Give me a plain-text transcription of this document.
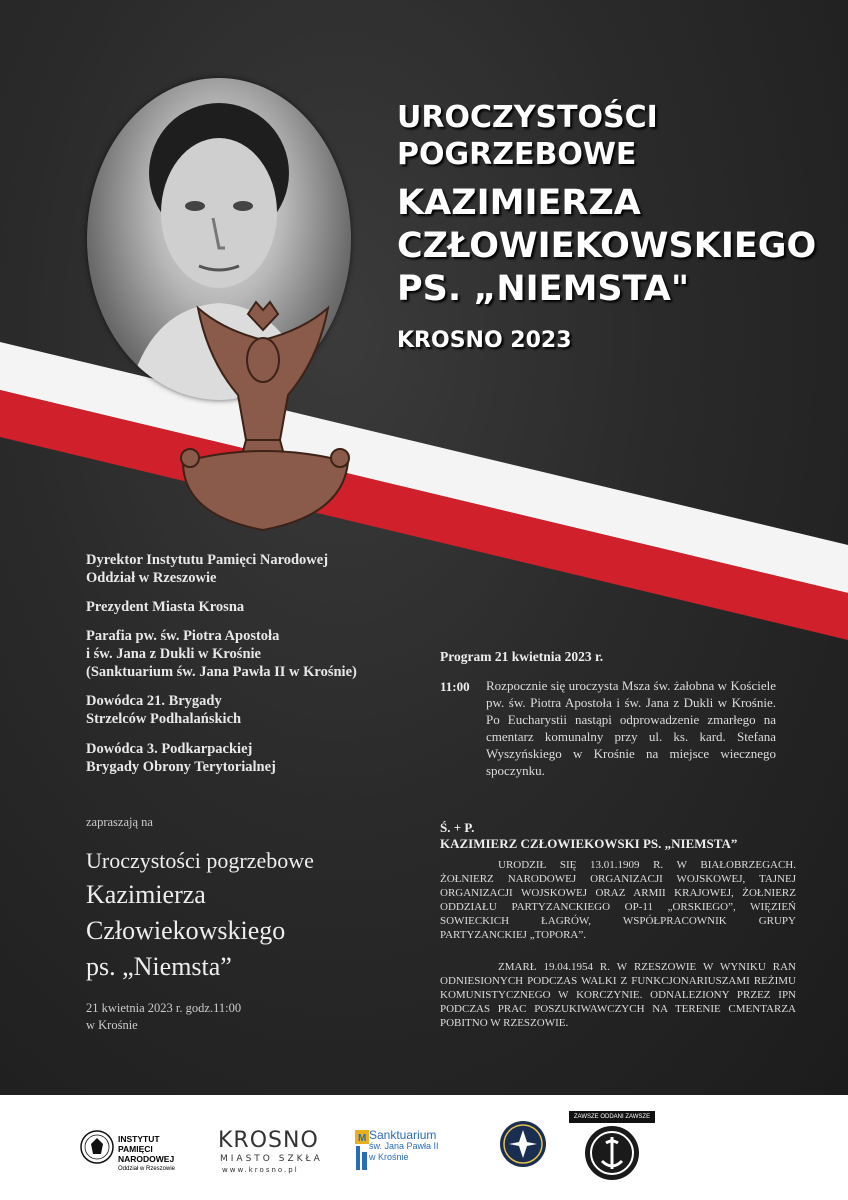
UROCZYSTOŚCI
POGRZEBOWE
KAZIMIERZA
CZŁOWIEKOWSKIEGO
PS. „NIEMSTA"
KROSNO 2023
Dyrektor Instytutu Pamięci Narodowej
Oddział w Rzeszowie
Prezydent Miasta Krosna
Parafia pw. św. Piotra Apostoła
i św. Jana z Dukli w Krośnie
(Sanktuarium św. Jana Pawła II w Krośnie)
Dowódca 21. Brygady
Strzelców Podhalańskich
Dowódca 3. Podkarpackiej
Brygady Obrony Terytorialnej
zapraszają na
Uroczystości pogrzebowe
Kazimierza
Człowiekowskiego
ps. „Niemsta”
21 kwietnia 2023 r. godz.11:00
w Krośnie
Program 21 kwietnia 2023 r.
11:00 Rozpocznie się uroczysta Msza św. żałobna w Kościele pw. św. Piotra Apostoła i św. Jana z Dukli w Krośnie. Po Eucharystii nastąpi odprowadzenie zmarłego na cmentarz komunalny przy ul. ks. kard. Stefana Wyszyńskiego w Krośnie na miejsce wiecznego spoczynku.
Ś. + P.
KAZIMIERZ CZŁOWIEKOWSKI PS. „NIEMSTA”
URODZIŁ SIĘ 13.01.1909 R. W BIAŁOBRZEGACH. ŻOŁNIERZ NARODOWEJ ORGANIZACJI WOJSKOWEJ, TAJNEJ ORGANIZACJI WOJSKOWEJ ORAZ ARMII KRAJOWEJ, ŻOŁNIERZ ODDZIAŁU PARTYZANCKIEGO OP-11 „ORSKIEGO”, WIĘZIEŃ SOWIECKICH ŁAGRÓW, WSPÓŁPRACOWNIK GRUPY PARTYZANCKIEJ „TOPORA”.
ZMARŁ 19.04.1954 R. W RZESZOWIE W WYNIKU RAN ODNIESIONYCH PODCZAS WALKI Z FUNKCJONARIUSZAMI REŻIMU KOMUNISTYCZNEGO W KORCZYNIE. ODNALEZIONY PRZEZ IPN PODCZAS PRAC POSZUKIWAWCZYCH NA TERENIE CMENTARZA POBITNO W RZESZOWIE.
INSTYTUT
PAMIĘCI
NARODOWEJ
Oddział w Rzeszowie
KROSNO
MIASTO SZKŁA
www.krosno.pl
M Sanktuarium
św. Jana Pawła II
w Krośnie
ZAWSZE ODDANI ZAWSZE
